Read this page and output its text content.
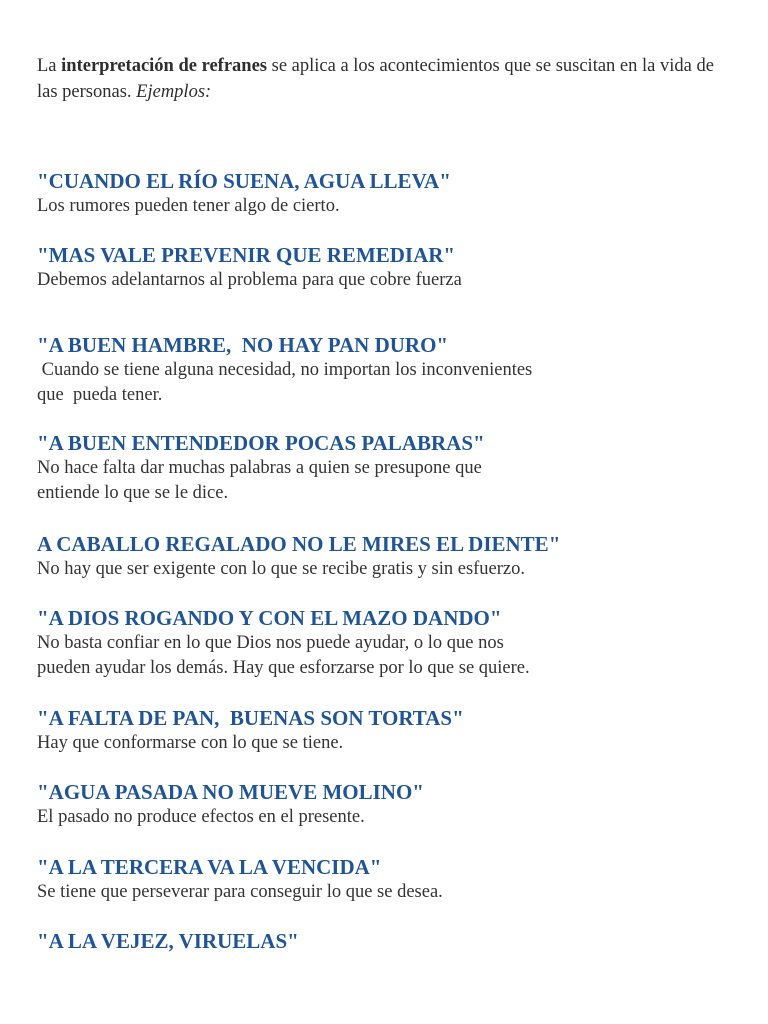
La interpretación de refranes se aplica a los acontecimientos que se suscitan en la vida de las personas. Ejemplos:
"CUANDO EL RÍO SUENA, AGUA LLEVA"
Los rumores pueden tener algo de cierto.
"MAS VALE PREVENIR QUE REMEDIAR"
Debemos adelantarnos al problema para que cobre fuerza
"A BUEN HAMBRE,  NO HAY PAN DURO"
Cuando se tiene alguna necesidad, no importan los inconvenientes
que  pueda tener.
"A BUEN ENTENDEDOR POCAS PALABRAS"
No hace falta dar muchas palabras a quien se presupone que
entiende lo que se le dice.
A CABALLO REGALADO NO LE MIRES EL DIENTE"
No hay que ser exigente con lo que se recibe gratis y sin esfuerzo.
"A DIOS ROGANDO Y CON EL MAZO DANDO"
No basta confiar en lo que Dios nos puede ayudar, o lo que nos
pueden ayudar los demás. Hay que esforzarse por lo que se quiere.
"A FALTA DE PAN,  BUENAS SON TORTAS"
Hay que conformarse con lo que se tiene.
"AGUA PASADA NO MUEVE MOLINO"
El pasado no produce efectos en el presente.
"A LA TERCERA VA LA VENCIDA"
Se tiene que perseverar para conseguir lo que se desea.
"A LA VEJEZ, VIRUELAS"
